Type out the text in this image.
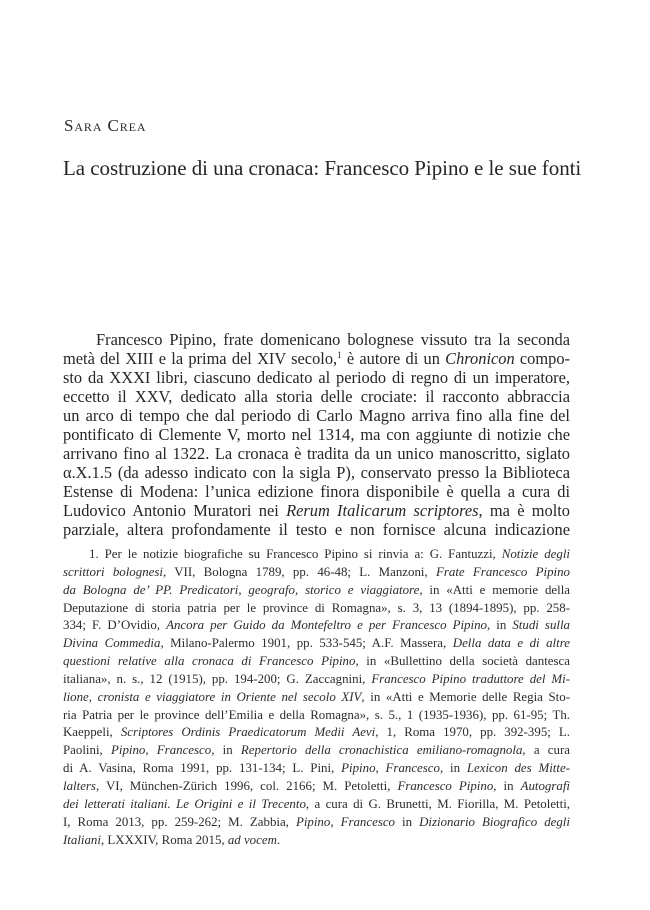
Sara Crea
La costruzione di una cronaca: Francesco Pipino e le sue fonti
Francesco Pipino, frate domenicano bolognese vissuto tra la seconda
metà del XIII e la prima del XIV secolo,$^1$ è autore di un Chronicon compo -
sto da XXXI libri, ciascuno dedicato al periodo di regno di un imperatore,
eccetto il XXV, dedicato alla storia delle crociate: il racconto abbraccia
un arco di tempo che dal periodo di Carlo Magno arriva fino alla fine del
pontificato di Clemente V, morto nel 1314, ma con aggiunte di notizie che
arrivano fino al 1322. La cronaca è tradita da un unico manoscritto, siglato
α.X.1.5 (da adesso indicato con la sigla P), conservato presso la Biblioteca
Estense di Modena: l’unica edizione finora disponibile è quella a cura di
Ludovico Antonio Muratori nei Rerum Italicarum scriptores, ma è molto
parziale, altera profondamente il testo e non fornisce alcuna indicazione
1. Per le notizie biografiche su Francesco Pipino si rinvia a: G. Fantuzzi, Notizie degli
scrittori bolognesi, VII, Bologna 1789, pp. 46-48; L. Manzoni, Frate Francesco Pipino
da Bologna de’ PP. Predicatori, geografo, storico e viaggiatore, in «Atti e memorie della
Deputazione di storia patria per le province di Romagna», s. 3, 13 (1894-1895), pp. 258 -
334; F. D’Ovidio, Ancora per Guido da Montefeltro e per Francesco Pipino, in Studi sulla
Divina Commedia, Milano-Palermo 1901, pp. 533-545; A.F. Massera, Della data e di altre
questioni relative alla cronaca di Francesco Pipino, in «Bullettino della società dantesca
italiana», n. s., 12 (1915), pp. 194-200; G. Zaccagnini, Francesco Pipino traduttore del Mi -
lione, cronista e viaggiatore in Oriente nel secolo XIV, in «Atti e Memorie delle Regia Sto -
ria Patria per le province dell’Emilia e della Romagna», s. 5., 1 (1935-1936), pp. 61-95; Th.
Kaeppeli, Scriptores Ordinis Praedicatorum Medii Aevi, 1, Roma 1970, pp. 392-395; L.
Paolini, Pipino, Francesco, in Repertorio della cronachistica emiliano-romagnola, a cura
di A. Vasina, Roma 1991, pp. 131-134; L. Pini, Pipino, Francesco, in Lexicon des Mitte -
lalters, VI, München-Zürich 1996, col. 2166; M. Petoletti, Francesco Pipino, in Autografi
dei letterati italiani. Le Origini e il Trecento, a cura di G. Brunetti, M. Fiorilla, M. Petoletti,
I, Roma 2013, pp. 259-262; M. Zabbia, Pipino, Francesco in Dizionario Biografico degli
Italiani, LXXXIV, Roma 2015, ad vocem.
